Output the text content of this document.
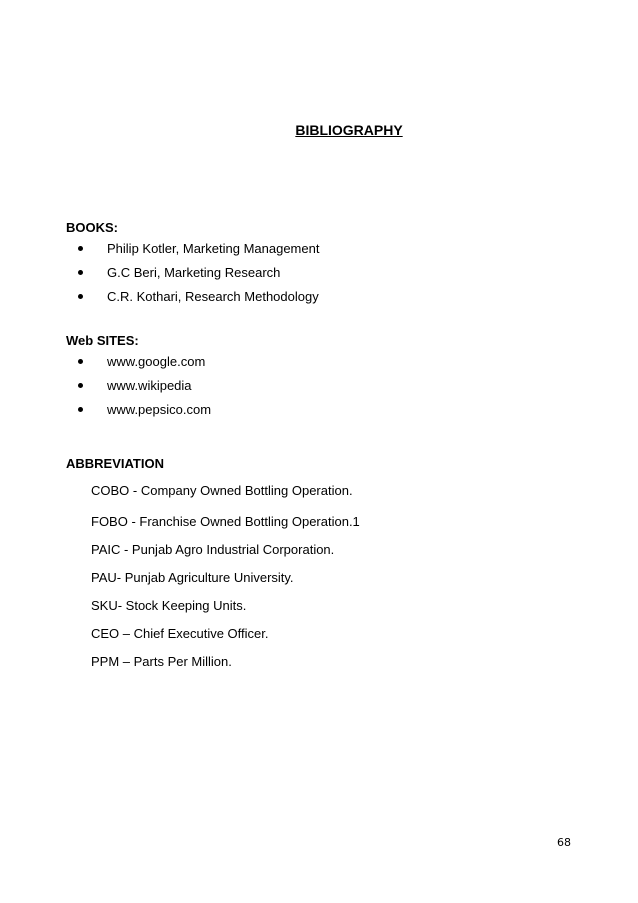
BIBLIOGRAPHY
BOOKS:
Philip Kotler, Marketing Management
G.C Beri, Marketing Research
C.R. Kothari, Research Methodology
Web SITES:
www.google.com
www.wikipedia
www.pepsico.com
ABBREVIATION
COBO - Company Owned Bottling Operation.
FOBO - Franchise Owned Bottling Operation.1
PAIC - Punjab Agro Industrial Corporation.
PAU- Punjab Agriculture University.
SKU- Stock Keeping Units.
CEO – Chief Executive Officer.
PPM – Parts Per Million.
68
